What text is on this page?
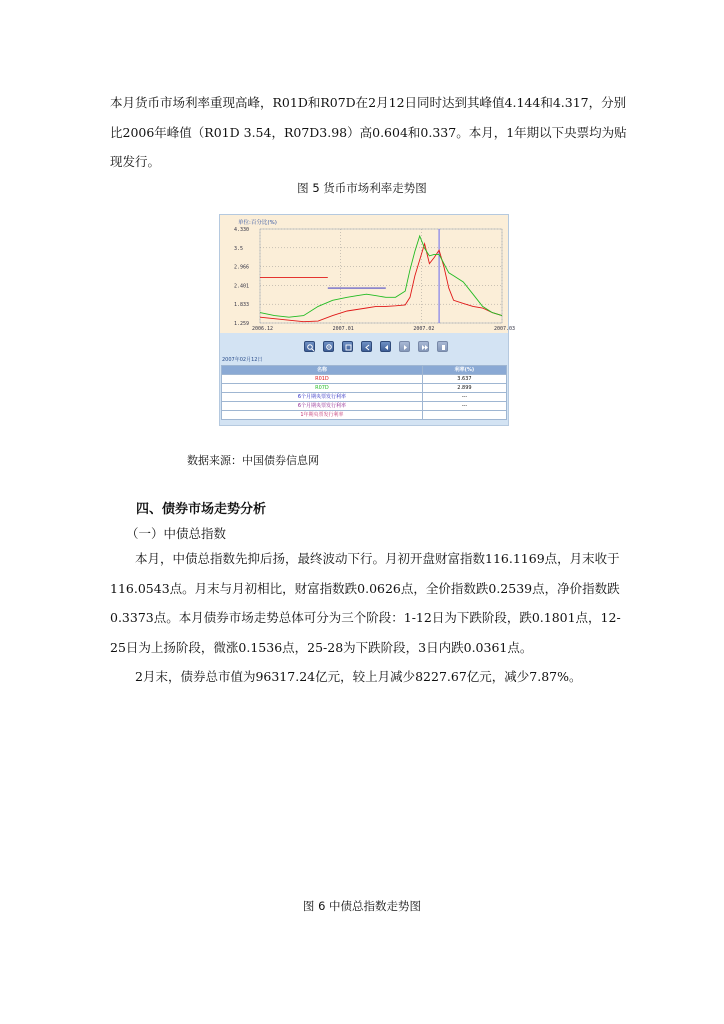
本月货币市场利率重现高峰，R01D和R07D在2月12日同时达到其峰值4.144和4.317，分别比2006年峰值（R01D 3.54，R07D3.98）高0.604和0.337。本月，1年期以下央票均为贴现发行。

图 5 货币市场利率走势图
单位:百分比(%)
1.259
1.833
2.401
2.966
3.5
4.330
2006.12	2007.01	2007.02	2007.03
2007年02月12日
名称	利率(%)
R01D	3.637
R07D	2.899
6个月期央票发行利率	---
6个月期央票发行利率	---
1年期央票发行利率	
数据来源：中国债券信息网
四、债券市场走势分析
（一）中债总指数

本月，中债总指数先抑后扬，最终波动下行。月初开盘财富指数116.1169点，月末收于116.0543点。月末与月初相比，财富指数跌0.0626点，全价指数跌0.2539点，净价指数跌0.3373点。本月债券市场走势总体可分为三个阶段：1-12日为下跌阶段，跌0.1801点，12-25日为上扬阶段，微涨0.1536点，25-28为下跌阶段，3日内跌0.0361点。

2月末，债券总市值为96317.24亿元，较上月减少8227.67亿元，减少7.87%。

图 6 中债总指数走势图
